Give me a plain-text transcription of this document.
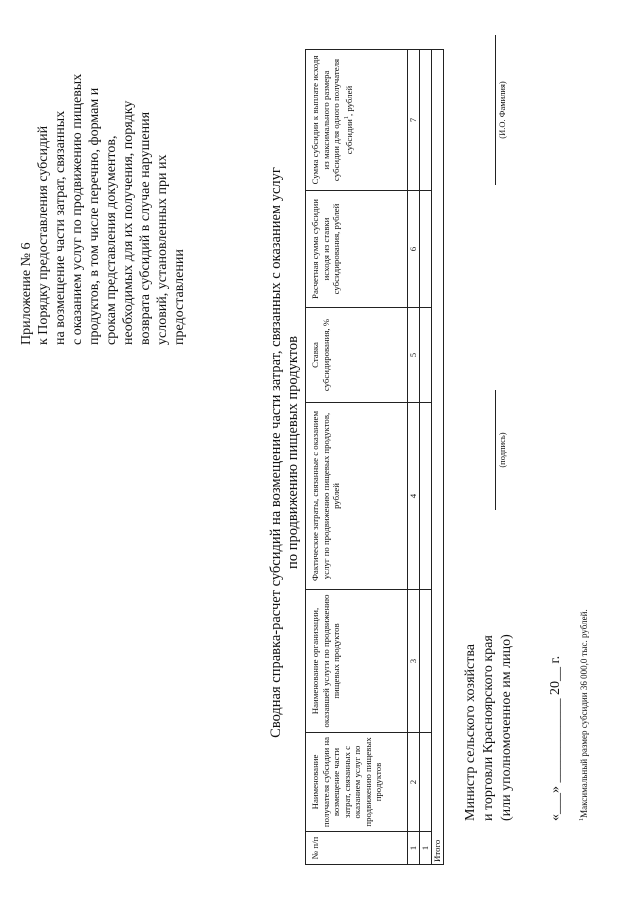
Приложение № 6 к Порядку предоставления субсидий на возмещение части затрат, связанных с оказанием услуг по продвижению пищевых продуктов, в том числе перечню, формам и срокам представления документов, необходимых для их получения, порядку возврата субсидий в случае нарушения условий, установленных при их предоставлении	Сводная справка-расчет субсидий на возмещение части затрат, связанных с оказанием услуг по продвижению пищевых продуктов
№ п/п	Наименование получателя субсидии на возмещение части затрат, связанных с оказанием услуг по продвижению пищевых продуктов	Наименование организации, оказавшей услуги по продвижению пищевых продуктов	Фактические затраты, связанные с оказанием услуг по продвижению пищевых продуктов, рублей	Ставка субсидирования, %	Расчетная сумма субсидии исходя из ставки субсидирования, рублей	Сумма субсидии к выплате исходя из максимального размера субсидии для одного получателя субсидии$^1$, рублей
1	2	3	4	5	6	7
1						
Итого						
Министр сельского хозяйства и торговли Красноярского края (или уполномоченное им лицо)
(подпись)
(И.О. Фамилия)
«___» ____________ 20__ г. $^1$Максимальный размер субсидии 36 000,0 тыс. рублей.
